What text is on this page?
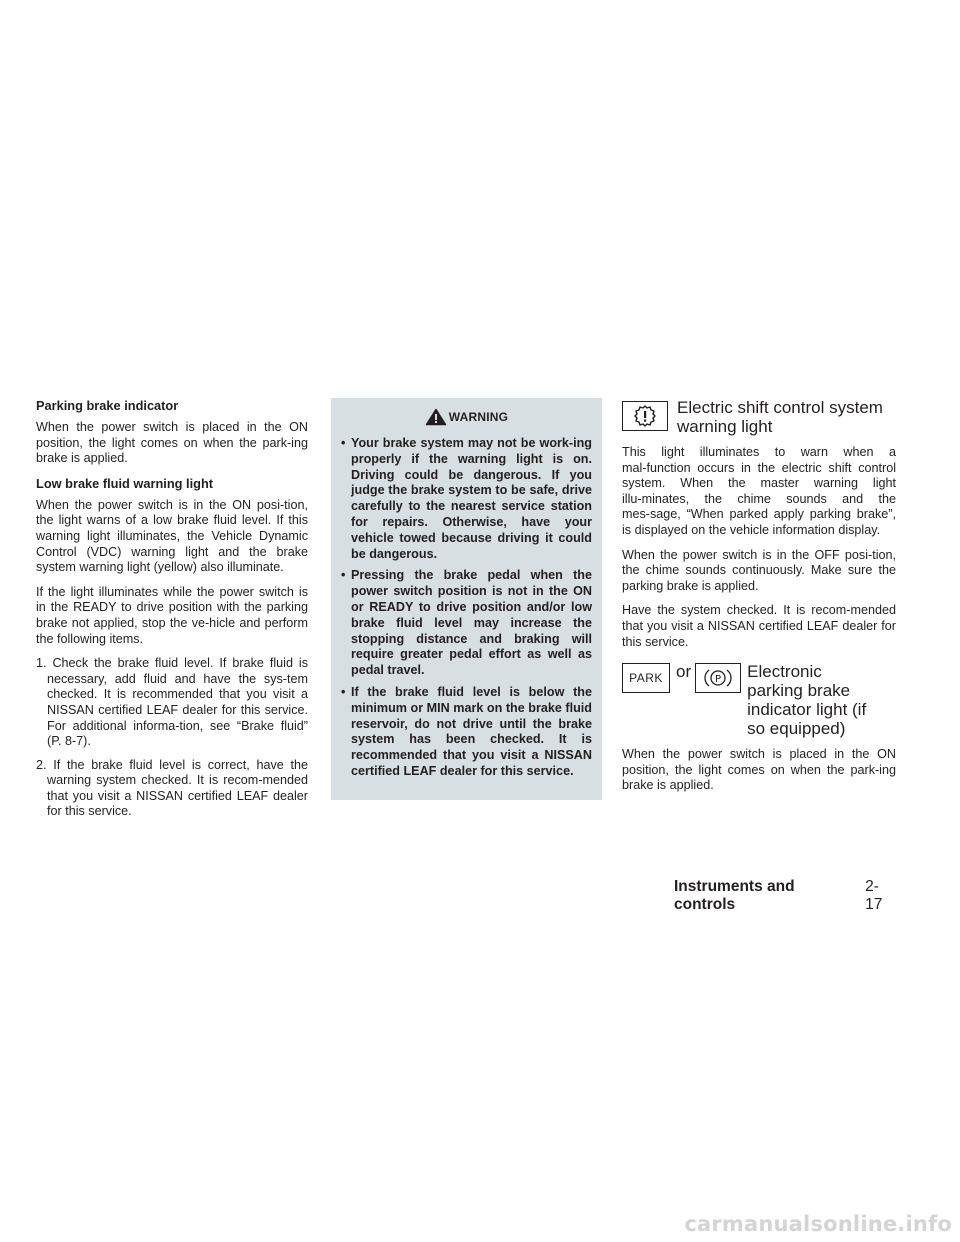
Parking brake indicator

When the power switch is placed in the ON position, the light comes on when the park‑ing brake is applied.

Low brake fluid warning light

When the power switch is in the ON posi‑tion, the light warns of a low brake fluid level. If this warning light illuminates, the Vehicle Dynamic Control (VDC) warning light and the brake system warning light (yellow) also illuminate.

If the light illuminates while the power switch is in the READY to drive position with the parking brake not applied, stop the ve‑hicle and perform the following items.

1. Check the brake fluid level. If brake fluid is necessary, add fluid and have the sys‑tem checked. It is recommended that you visit a NISSAN certified LEAF dealer for this service. For additional informa‑tion, see “Brake fluid” (P. 8-7).
2. If the brake fluid level is correct, have the warning system checked. It is recom‑mended that you visit a NISSAN certified LEAF dealer for this service.
WARNING
• Your brake system may not be work‑ing properly if the warning light is on. Driving could be dangerous. If you judge the brake system to be safe, drive carefully to the nearest service station for repairs. Otherwise, have your vehicle towed because driving it could be dangerous.
• Pressing the brake pedal when the power switch position is not in the ON or READY to drive position and/or low brake fluid level may increase the stopping distance and braking will require greater pedal effort as well as pedal travel.
• If the brake fluid level is below the minimum or MIN mark on the brake fluid reservoir, do not drive until the brake system has been checked. It is recommended that you visit a NISSAN certified LEAF dealer for this service.
Electric shift control system warning light

This light illuminates to warn when a mal‑function occurs in the electric shift control system. When the master warning light illu‑minates, the chime sounds and the mes‑sage, “When parked apply parking brake”, is displayed on the vehicle information display.

When the power switch is in the OFF posi‑tion, the chime sounds continuously. Make sure the parking brake is applied.

Have the system checked. It is recom‑mended that you visit a NISSAN certified LEAF dealer for this service.

PARK or P Electronic parking brake indicator light (if so equipped)

When the power switch is placed in the ON position, the light comes on when the park‑ing brake is applied.

Instruments and controls
2-17
carmanualsonline.info
